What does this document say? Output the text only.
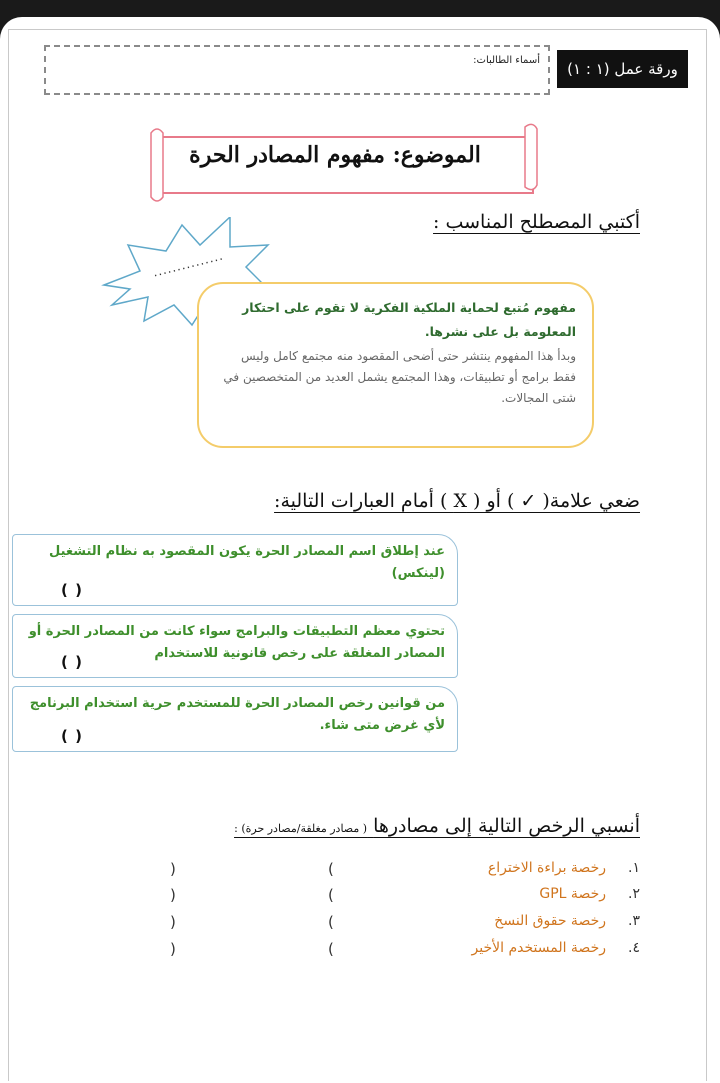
ورقة عمل (١ : ١)
أسماء الطالبات:
الموضوع: مفهوم المصادر الحرة
أكتبي المصطلح المناسب :
...............
مفهوم مُتبع لحماية الملكية الفكرية لا تقوم على احتكار المعلومة بل على نشرها.
وبدأ هذا المفهوم ينتشر حتى أضحى المقصود منه مجتمع كامل وليس فقط برامج أو تطبيقات، وهذا المجتمع يشمل العديد من المتخصصين في شتى المجالات.
ضعي علامة( ✓ ) أو ( X ) أمام العبارات التالية:
عند إطلاق اسم المصادر الحرة يكون المقصود به نظام التشغيل (لينكس)
( )
تحتوي معظم التطبيقات والبرامج سواء كانت من المصادر الحرة أو المصادر المغلقة على رخص قانونية للاستخدام
( )
من قوانين رخص المصادر الحرة للمستخدم حرية استخدام البرنامج لأي غرض متى شاء.
( )
أنسبي الرخص التالية إلى مصادرها ( مصادر مغلقة/مصادر حرة) :
١.
رخصة براءة الاختراع
(	)
٢.
رخصة GPL
(	)
٣.
رخصة حقوق النسخ
(	)
٤.
رخصة المستخدم الأخير
(	)
